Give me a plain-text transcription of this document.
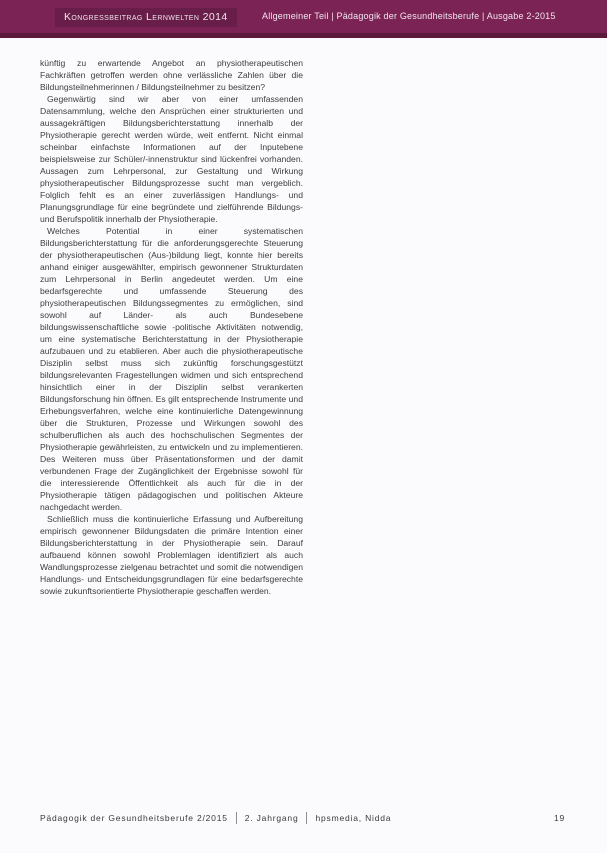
Kongressbeitrag Lernwelten 2014	Allgemeiner Teil | Pädagogik der Gesundheitsberufe | Ausgabe 2-2015

künftig zu erwartende Angebot an physiotherapeutischen Fachkräften getroffen werden ohne verlässliche Zahlen über die Bildungsteilnehmerinnen / Bildungsteilnehmer zu besitzen?

Gegenwärtig sind wir aber von einer umfassenden Datensammlung, welche den Ansprüchen einer strukturierten und aussagekräftigen Bildungsberichterstattung innerhalb der Physiotherapie gerecht werden würde, weit entfernt. Nicht einmal scheinbar einfachste Informationen auf der Inputebene beispielsweise zur Schüler/-innenstruktur sind lückenfrei vorhanden. Aussagen zum Lehrpersonal, zur Gestaltung und Wirkung physiotherapeutischer Bildungsprozesse sucht man vergeblich. Folglich fehlt es an einer zuverlässigen Handlungs- und Planungsgrundlage für eine begründete und zielführende Bildungs- und Berufspolitik innerhalb der Physiotherapie.

Welches Potential in einer systematischen Bildungsberichterstattung für die anforderungsgerechte Steuerung der physiotherapeutischen (Aus-)bildung liegt, konnte hier bereits anhand einiger ausgewählter, empirisch gewonnener Strukturdaten zum Lehrpersonal in Berlin angedeutet werden. Um eine bedarfsgerechte und umfassende Steuerung des physiotherapeutischen Bildungssegmentes zu ermöglichen, sind sowohl auf Länder- als auch Bundesebene bildungswissenschaftliche sowie -politische Aktivitäten notwendig, um eine systematische Berichterstattung in der Physiotherapie aufzubauen und zu etablieren. Aber auch die physiotherapeutische Disziplin selbst muss sich zukünftig forschungsgestützt bildungsrelevanten Fragestellungen widmen und sich entsprechend hinsichtlich einer in der Disziplin selbst verankerten Bildungsforschung hin öffnen. Es gilt entsprechende Instrumente und Erhebungsverfahren, welche eine kontinuierliche Datengewinnung über die Strukturen, Prozesse und Wirkungen sowohl des schulberuflichen als auch des hochschulischen Segmentes der Physiotherapie gewährleisten, zu entwickeln und zu implementieren. Des Weiteren muss über Präsentationsformen und der damit verbundenen Frage der Zugänglichkeit der Ergebnisse sowohl für die interessierende Öffentlichkeit als auch für die in der Physiotherapie tätigen pädagogischen und politischen Akteure nachgedacht werden.

Schließlich muss die kontinuierliche Erfassung und Aufbereitung empirisch gewonnener Bildungsdaten die primäre Intention einer Bildungsberichterstattung in der Physiotherapie sein. Darauf aufbauend können sowohl Problemlagen identifiziert als auch Wandlungsprozesse zielgenau betrachtet und somit die notwendigen Handlungs- und Entscheidungsgrundlagen für eine bedarfsgerechte sowie zukunftsorientierte Physiotherapie geschaffen werden.

Pädagogik der Gesundheitsberufe 2/2015 2. Jahrgang hpsmedia, Nidda	19
